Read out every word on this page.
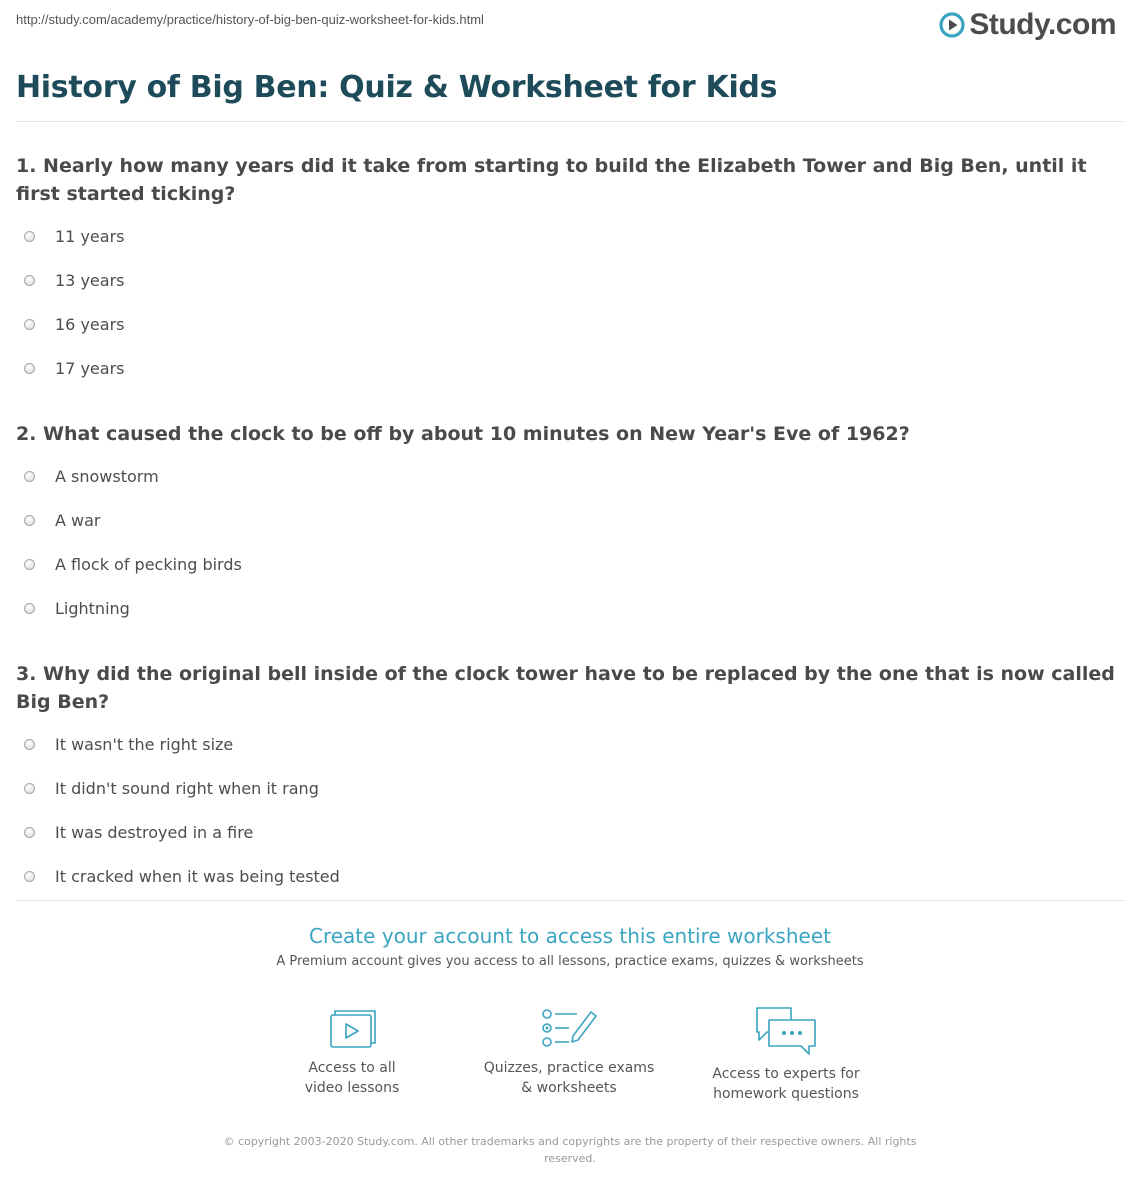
http://study.com/academy/practice/history-of-big-ben-quiz-worksheet-for-kids.html	Study.com
History of Big Ben: Quiz & Worksheet for Kids

1. Nearly how many years did it take from starting to build the Elizabeth Tower and Big Ben, until it first started ticking?

11 years
13 years
16 years
17 years

2. What caused the clock to be off by about 10 minutes on New Year's Eve of 1962?

A snowstorm
A war
A flock of pecking birds
Lightning

3. Why did the original bell inside of the clock tower have to be replaced by the one that is now called Big Ben?

It wasn't the right size
It didn't sound right when it rang
It was destroyed in a fire
It cracked when it was being tested

Create your account to access this entire worksheet

A Premium account gives you access to all lessons, practice exams, quizzes & worksheets

Access to all
video lessons
Quizzes, practice exams
& worksheets
Access to experts for
homework questions
© copyright 2003-2020 Study.com. All other trademarks and copyrights are the property of their respective owners. All rights
reserved.
